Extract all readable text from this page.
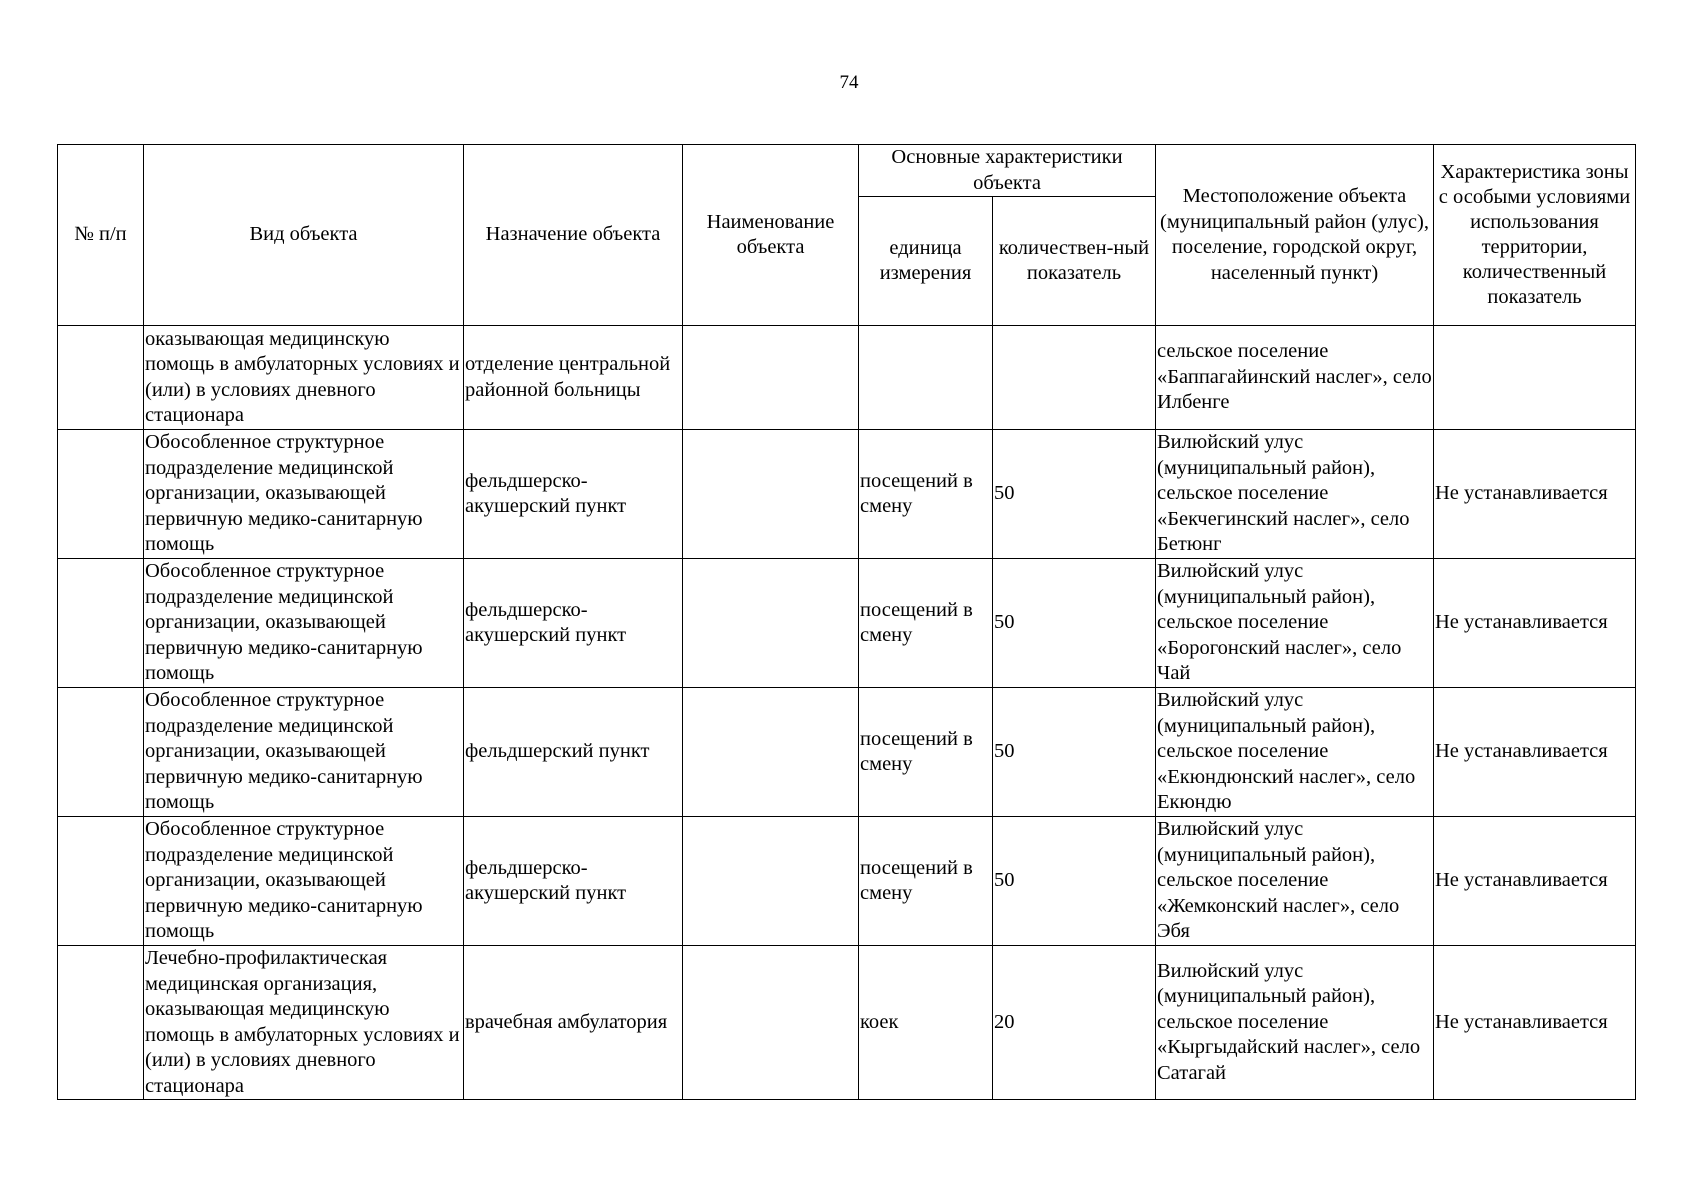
74
№ п/п	Вид объекта	Назначение объекта	Наименование объекта	Основные характеристики объекта		Местоположение объекта (муниципальный район (улус), поселение, городской округ, населенный пункт)	Характеристика зоны с особыми условиями использования территории, количественный показатель
				единица измерения	количествен-ный показатель		
	оказывающая медицинскую помощь в амбулаторных условиях и (или) в условиях дневного стационара	отделение центральной районной больницы				сельское поселение «Баппагайинский наслег», село Илбенге	
	Обособленное структурное подразделение медицинской организации, оказывающей первичную медико-санитарную помощь	фельдшерско-акушерский пункт		посещений в смену	50	Вилюйский улус (муниципальный район), сельское поселение «Бекчегинский наслег», село Бетюнг	Не устанавливается
	Обособленное структурное подразделение медицинской организации, оказывающей первичную медико-санитарную помощь	фельдшерско-акушерский пункт		посещений в смену	50	Вилюйский улус (муниципальный район), сельское поселение «Борогонский наслег», село Чай	Не устанавливается
	Обособленное структурное подразделение медицинской организации, оказывающей первичную медико-санитарную помощь	фельдшерский пункт		посещений в смену	50	Вилюйский улус (муниципальный район), сельское поселение «Екюндюнский наслег», село Екюндю	Не устанавливается
	Обособленное структурное подразделение медицинской организации, оказывающей первичную медико-санитарную помощь	фельдшерско-акушерский пункт		посещений в смену	50	Вилюйский улус (муниципальный район), сельское поселение «Жемконский наслег», село Эбя	Не устанавливается
	Лечебно-профилактическая медицинская организация, оказывающая медицинскую помощь в амбулаторных условиях и (или) в условиях дневного стационара	врачебная амбулатория		коек	20	Вилюйский улус (муниципальный район), сельское поселение «Кыргыдайский наслег», село Сатагай	Не устанавливается
